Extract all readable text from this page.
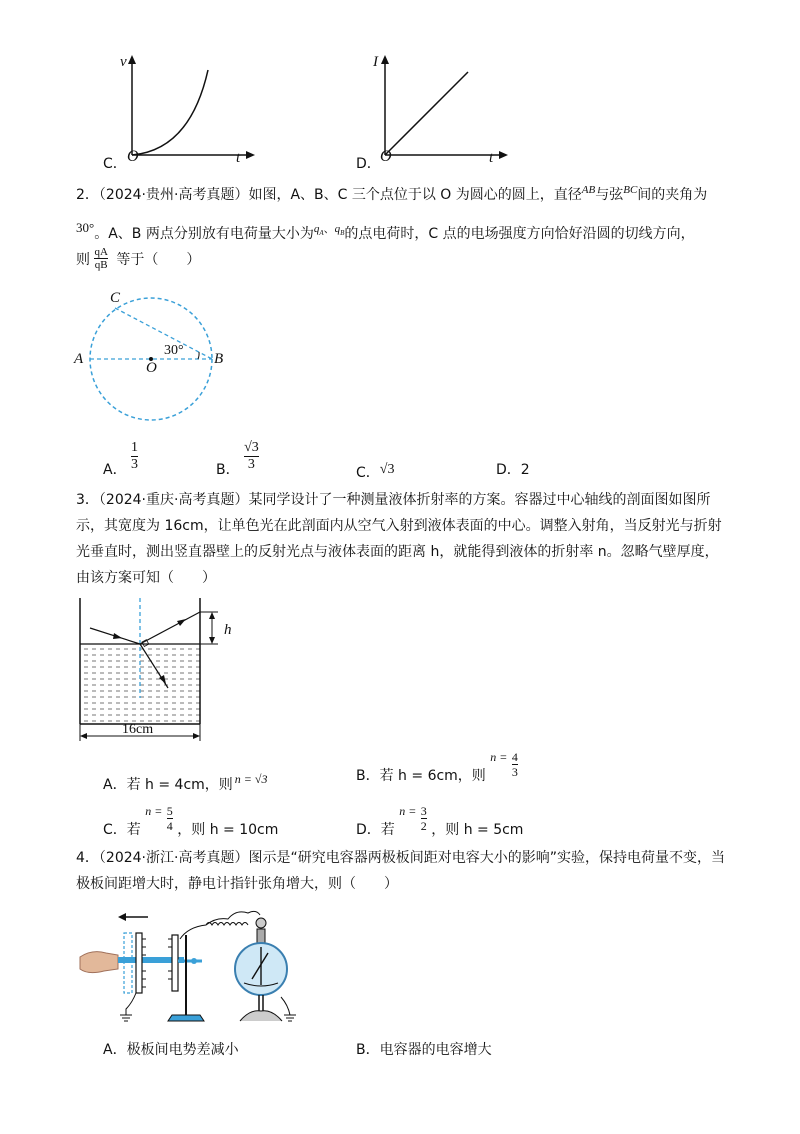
v
t
O
C．
I
t
O
D．
2．（2024·贵州·高考真题）如图，A、B、C 三个点位于以 O 为圆心的圆上，直径$^{AB}$与弦$^{BC}$间的夹角为
30°。A、B 两点分别放有电荷量大小为$^{q_A、q_B}$的点电荷时，C 点的电场强度方向恰好沿圆的切线方向，
则 $\frac{qA}{qB}$ 等于（　　）
C
A	B
O
30°
A． $\frac{1}{3}$	B． $\frac{√3}{3}$	C．√3	D．2
3．（2024·重庆·高考真题）某同学设计了一种测量液体折射率的方案。容器过中心轴线的剖面图如图所
示，其宽度为 16cm，让单色光在此剖面内从空气入射到液体表面的中心。调整入射角，当反射光与折射
光垂直时，测出竖直器壁上的反射光点与液体表面的距离 h，就能得到液体的折射率 n。忽略气壁厚度，
由该方案可知（　　）
h
16cm
A．若 h = 4cm，则 n = √3	B．若 h = 6cm，则 $n = \frac{4}{3}$
C．若 $n = \frac{5}{4}$ ，则 h = 10cm	D．若 $n = \frac{3}{2}$ ，则 h = 5cm
4．（2024·浙江·高考真题）图示是“研究电容器两极板间距对电容大小的影响”实验，保持电荷量不变，当
极板间距增大时，静电计指针张角增大，则（　　）
A．极板间电势差减小	B．电容器的电容增大
